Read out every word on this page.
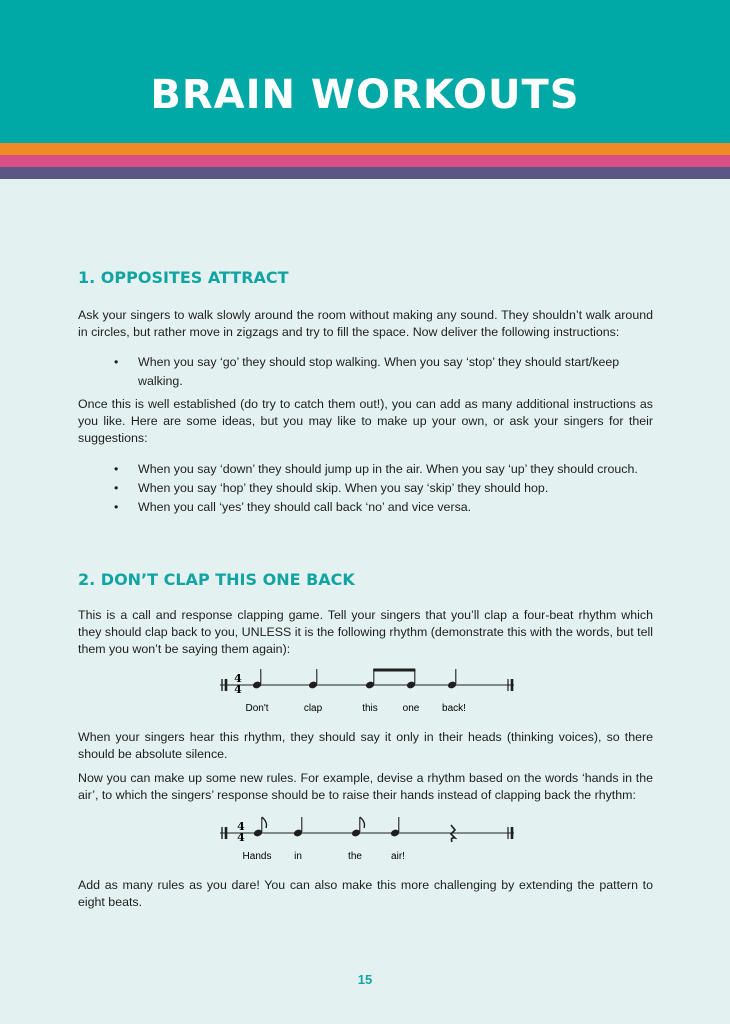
BRAIN WORKOUTS
1. OPPOSITES ATTRACT

Ask your singers to walk slowly around the room without making any sound. They shouldn’t walk around in circles, but rather move in zigzags and try to fill the space. Now deliver the following instructions:

• When you say ‘go’ they should stop walking. When you say ‘stop’ they should start/keep walking.

Once this is well established (do try to catch them out!), you can add as many additional instructions as you like. Here are some ideas, but you may like to make up your own, or ask your singers for their suggestions:

• When you say ‘down’ they should jump up in the air. When you say ‘up’ they should crouch.
• When you say ‘hop’ they should skip. When you say ‘skip’ they should hop.
• When you call ‘yes’ they should call back ‘no’ and vice versa.
2. DON’T CLAP THIS ONE BACK

This is a call and response clapping game. Tell your singers that you’ll clap a four-beat rhythm which they should clap back to you, UNLESS it is the following rhythm (demonstrate this with the words, but tell them you won’t be saying them again):

4
4
Don't	clap	this one back!

When your singers hear this rhythm, they should say it only in their heads (thinking voices), so there should be absolute silence.

Now you can make up some new rules. For example, devise a rhythm based on the words ‘hands in the air’, to which the singers’ response should be to raise their hands instead of clapping back the rhythm:

4
4
Hands in	the	air!

Add as many rules as you dare! You can also make this more challenging by extending the pattern to eight beats.

15
